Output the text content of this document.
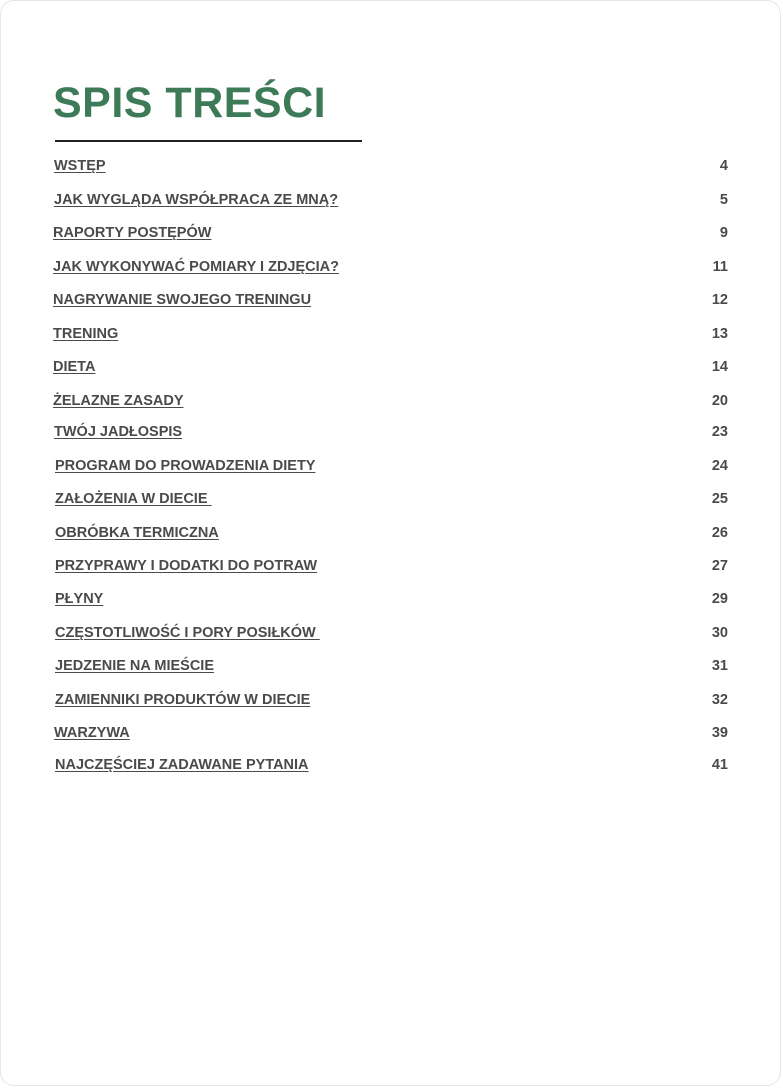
SPIS TREŚCI
WSTĘP	4
JAK WYGLĄDA WSPÓŁPRACA ZE MNĄ?	5
RAPORTY POSTĘPÓW	9
JAK WYKONYWAĆ POMIARY I ZDJĘCIA?	11
NAGRYWANIE SWOJEGO TRENINGU	12
TRENING	13
DIETA	14
ŻELAZNE ZASADY	20
TWÓJ JADŁOSPIS	23
PROGRAM DO PROWADZENIA DIETY	24
ZAŁOŻENIA W DIECIE	25
OBRÓBKA TERMICZNA	26
PRZYPRAWY I DODATKI DO POTRAW	27
PŁYNY	29
CZĘSTOTLIWOŚĆ I PORY POSIŁKÓW	30
JEDZENIE NA MIEŚCIE	31
ZAMIENNIKI PRODUKTÓW W DIECIE	32
WARZYWA	39
NAJCZĘŚCIEJ ZADAWANE PYTANIA	41
